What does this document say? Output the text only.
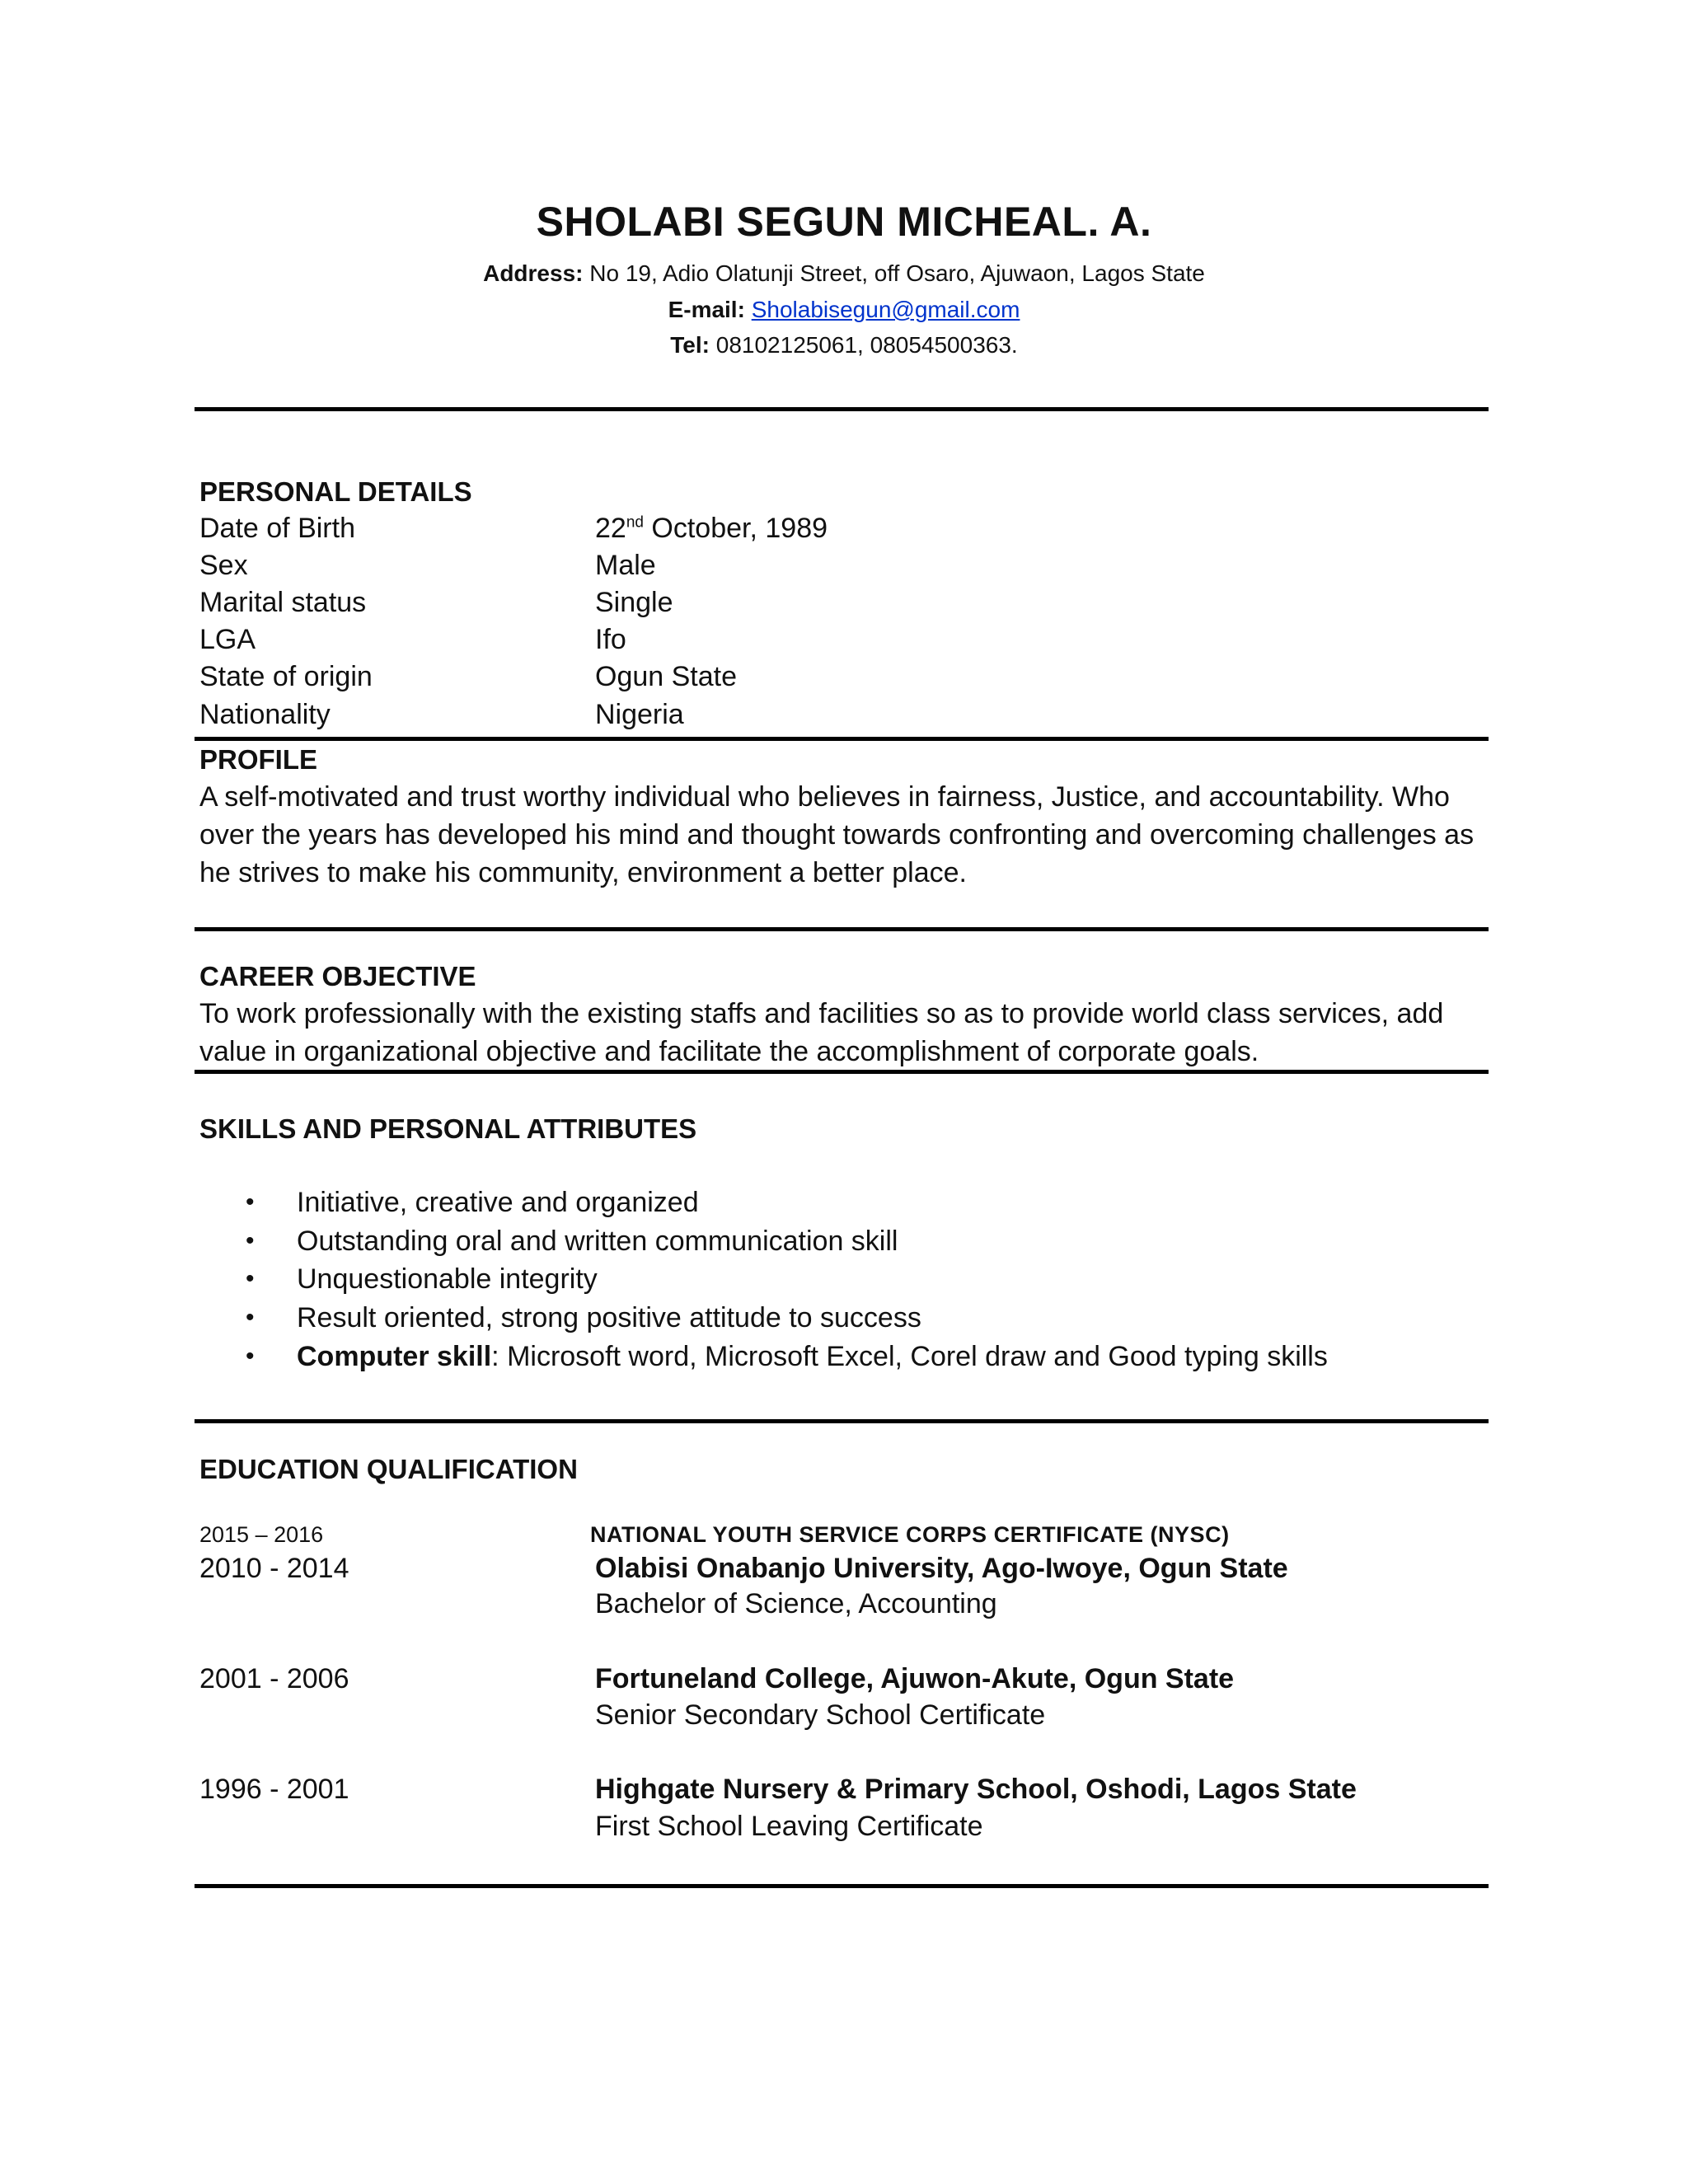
SHOLABI SEGUN MICHEAL. A.
Address: No 19, Adio Olatunji Street, off Osaro, Ajuwaon, Lagos State
E-mail: Sholabisegun@gmail.com
Tel: 08102125061, 08054500363.
PERSONAL DETAILS
Date of Birth	22nd October, 1989
Sex	Male
Marital status	Single
LGA	Ifo
State of origin	Ogun State
Nationality	Nigeria
PROFILE
A self-motivated and trust worthy individual who believes in fairness, Justice, and accountability. Who over the years has developed his mind and thought towards confronting and overcoming challenges as he strives to make his community, environment a better place.
CAREER OBJECTIVE
To work professionally with the existing staffs and facilities so as to provide world class services, add value in organizational objective and facilitate the accomplishment of corporate goals.
SKILLS AND PERSONAL ATTRIBUTES
• Initiative, creative and organized
• Outstanding oral and written communication skill
• Unquestionable integrity
• Result oriented, strong positive attitude to success
• Computer skill: Microsoft word, Microsoft Excel, Corel draw and Good typing skills
EDUCATION QUALIFICATION
2015 – 2016	NATIONAL YOUTH SERVICE CORPS CERTIFICATE (NYSC)
2010 - 2014	Olabisi Onabanjo University, Ago-Iwoye, Ogun State
Bachelor of Science, Accounting
2001 - 2006	Fortuneland College, Ajuwon-Akute, Ogun State
Senior Secondary School Certificate
1996 - 2001	Highgate Nursery & Primary School, Oshodi, Lagos State
First School Leaving Certificate
